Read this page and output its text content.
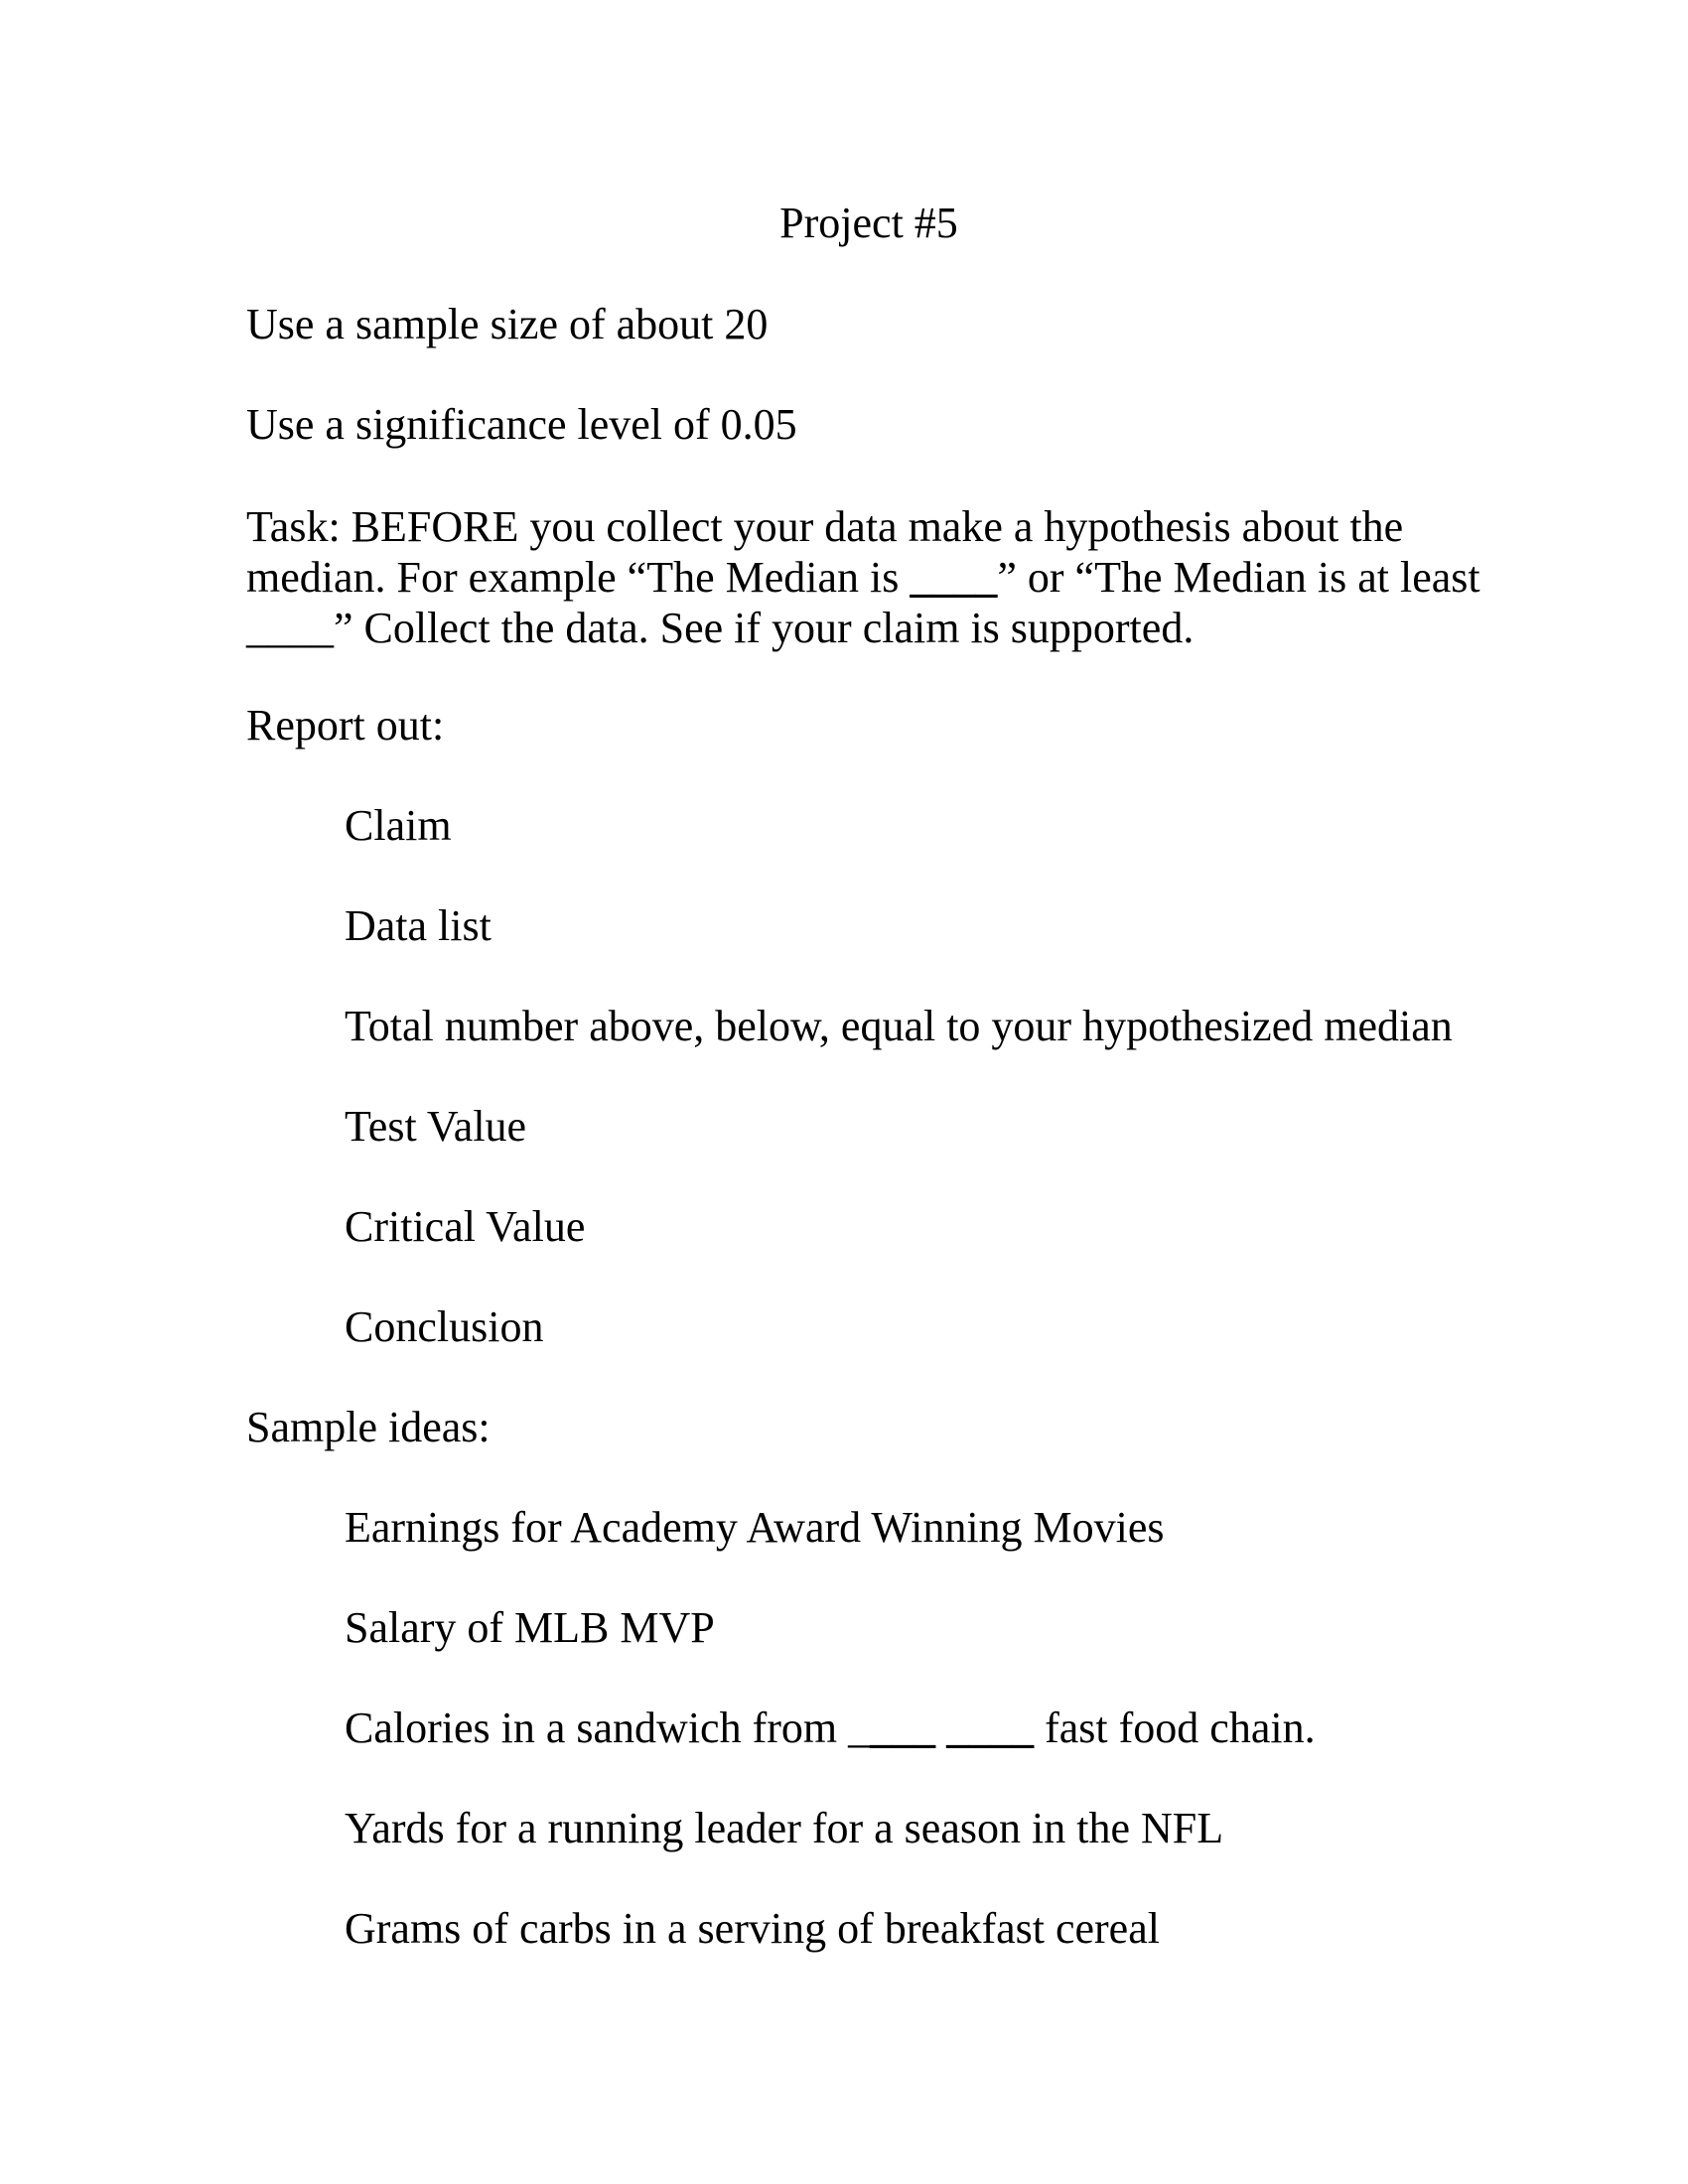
Project #5
Use a sample size of about 20
Use a significance level of 0.05
Task: BEFORE you collect your data make a hypothesis about the
median. For example “The Median is ____” or “The Median is at least
____” Collect the data. See if your claim is supported.
Report out:
Claim
Data list
Total number above, below, equal to your hypothesized median
Test Value
Critical Value
Conclusion
Sample ideas:
Earnings for Academy Award Winning Movies
Salary of MLB MVP
Calories in a sandwich from ____ ____ fast food chain.
Yards for a running leader for a season in the NFL
Grams of carbs in a serving of breakfast cereal
